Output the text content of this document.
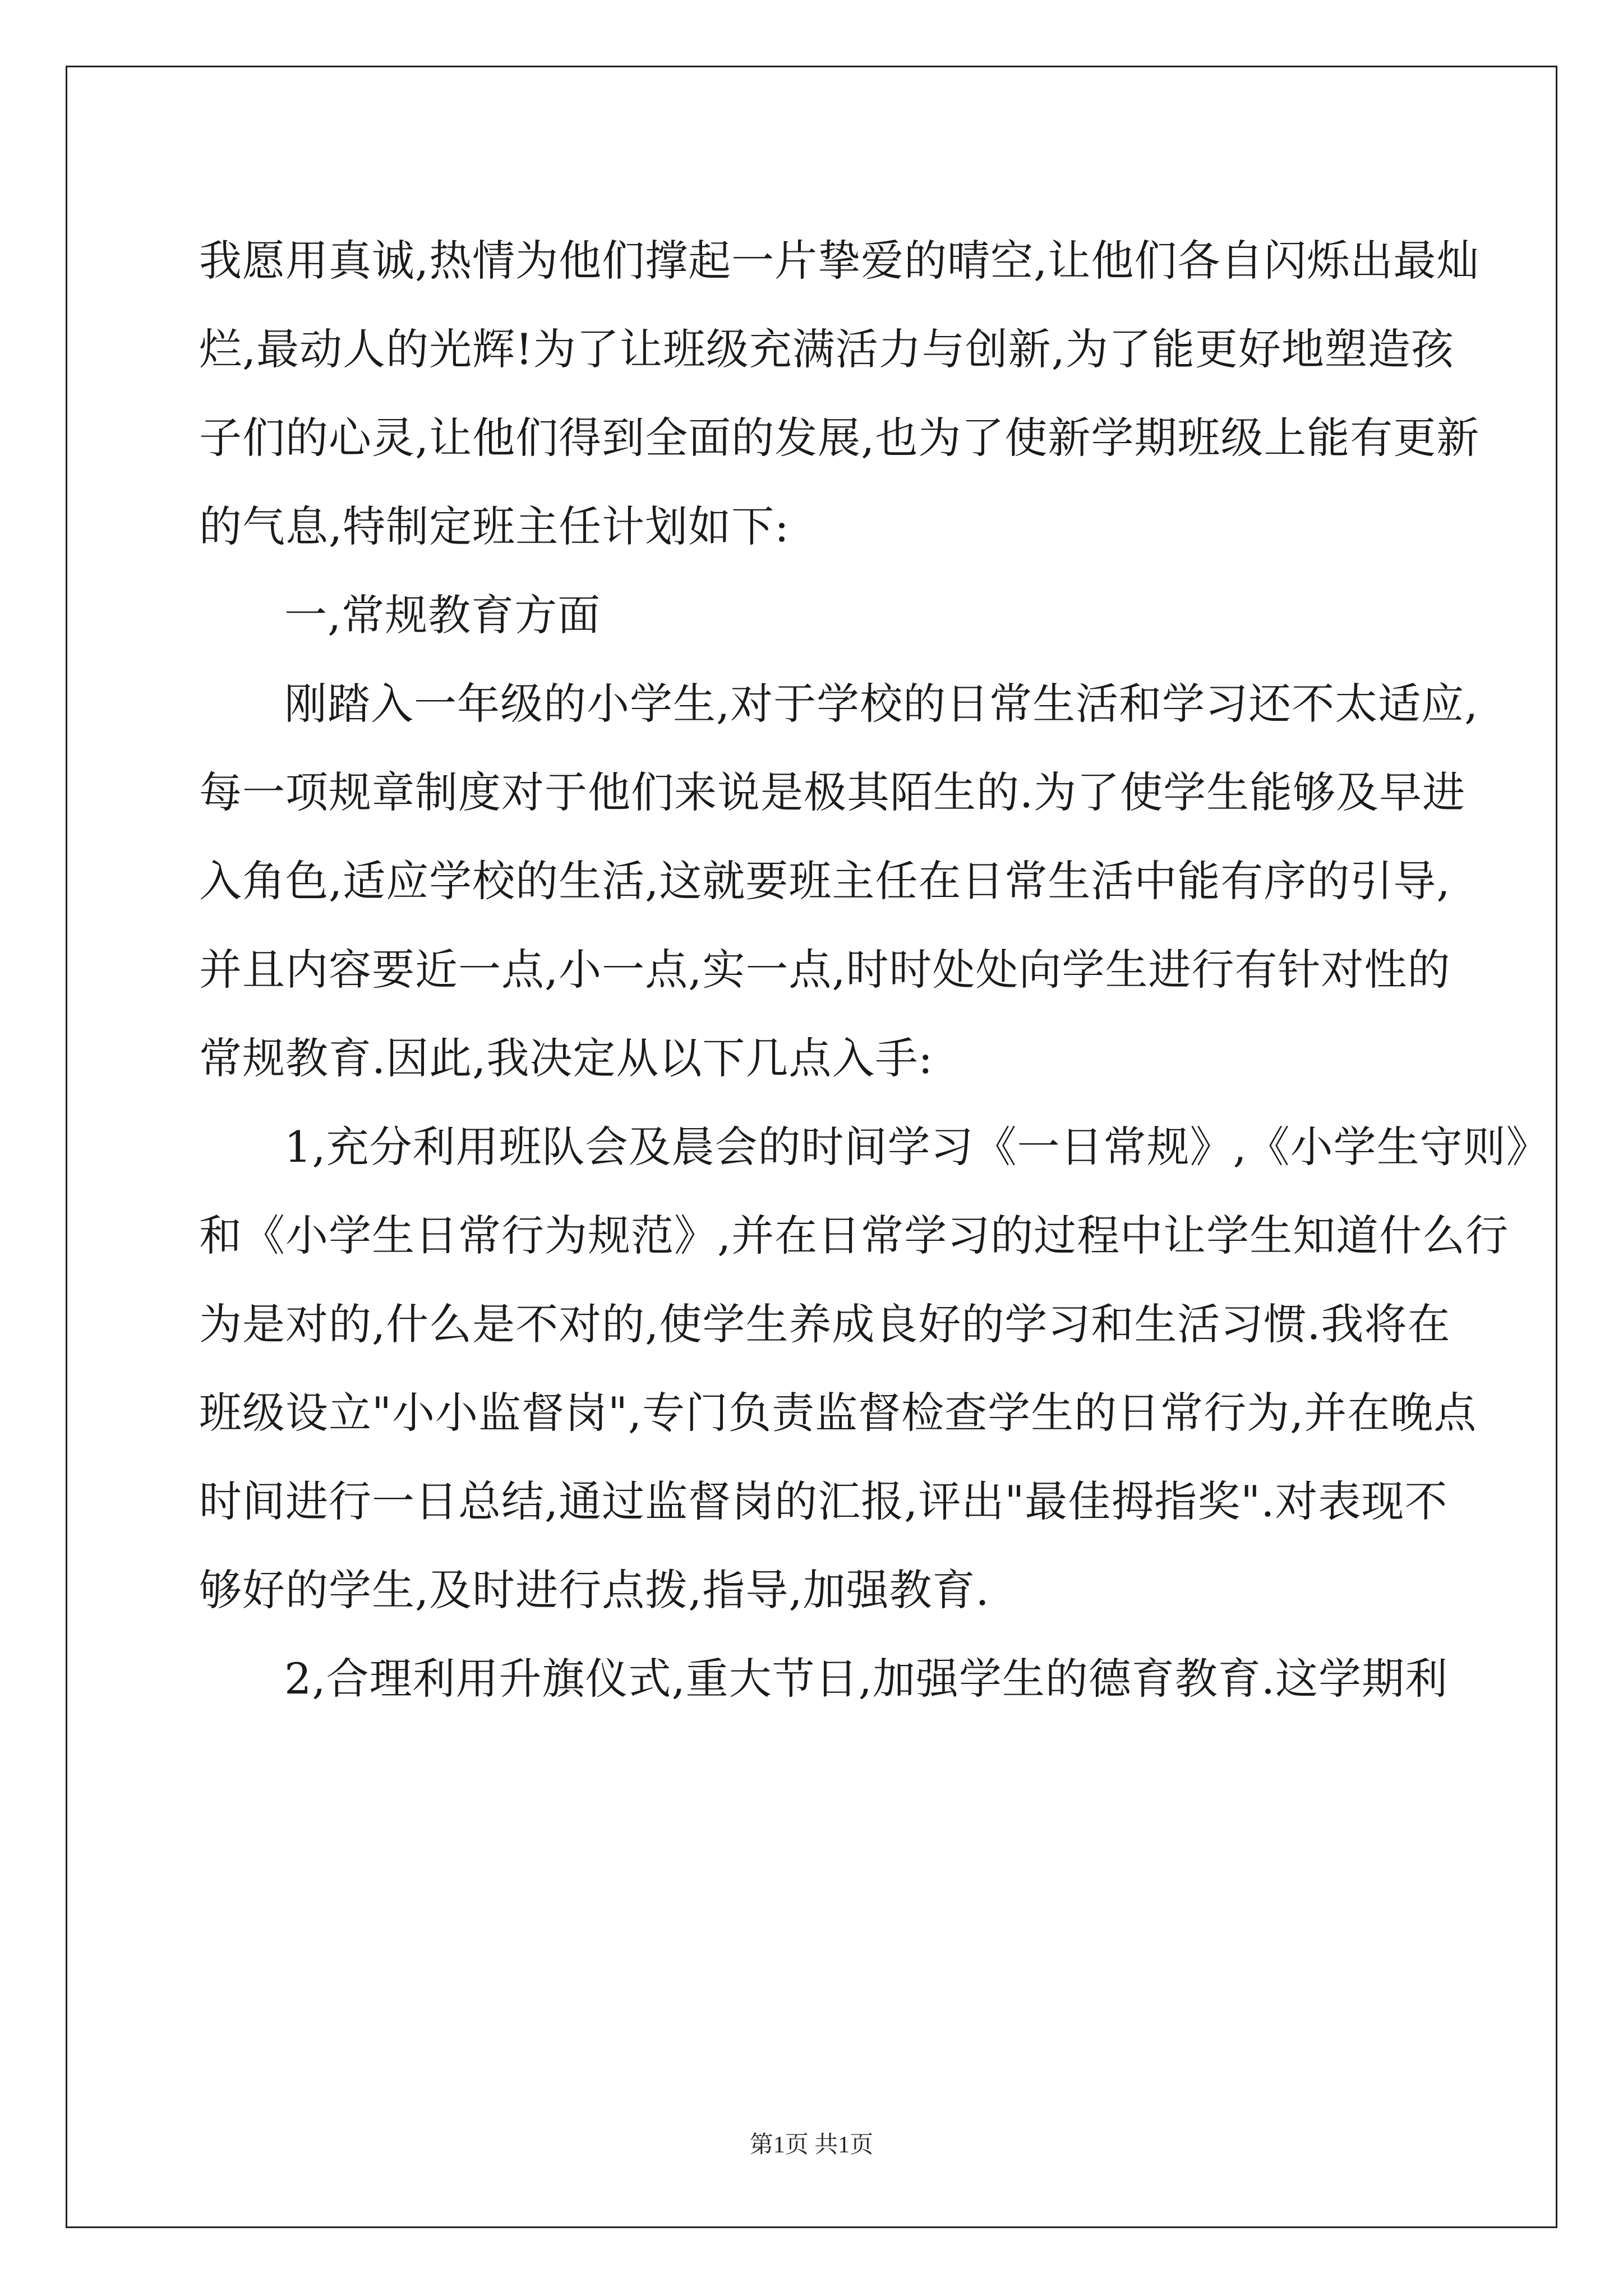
我愿用真诚,热情为他们撑起一片挚爱的晴空,让他们各自闪烁出最灿
烂,最动人的光辉!为了让班级充满活力与创新,为了能更好地塑造孩
子们的心灵,让他们得到全面的发展,也为了使新学期班级上能有更新
的气息,特制定班主任计划如下:
一,常规教育方面
刚踏入一年级的小学生,对于学校的日常生活和学习还不太适应,
每一项规章制度对于他们来说是极其陌生的.为了使学生能够及早进
入角色,适应学校的生活,这就要班主任在日常生活中能有序的引导,
并且内容要近一点,小一点,实一点,时时处处向学生进行有针对性的
常规教育.因此,我决定从以下几点入手:
1,充分利用班队会及晨会的时间学习《一日常规》,《小学生守则》
和《小学生日常行为规范》,并在日常学习的过程中让学生知道什么行
为是对的,什么是不对的,使学生养成良好的学习和生活习惯.我将在
班级设立"小小监督岗",专门负责监督检查学生的日常行为,并在晚点
时间进行一日总结,通过监督岗的汇报,评出"最佳拇指奖".对表现不
够好的学生,及时进行点拨,指导,加强教育.
2,合理利用升旗仪式,重大节日,加强学生的德育教育.这学期利
第1页 共1页
